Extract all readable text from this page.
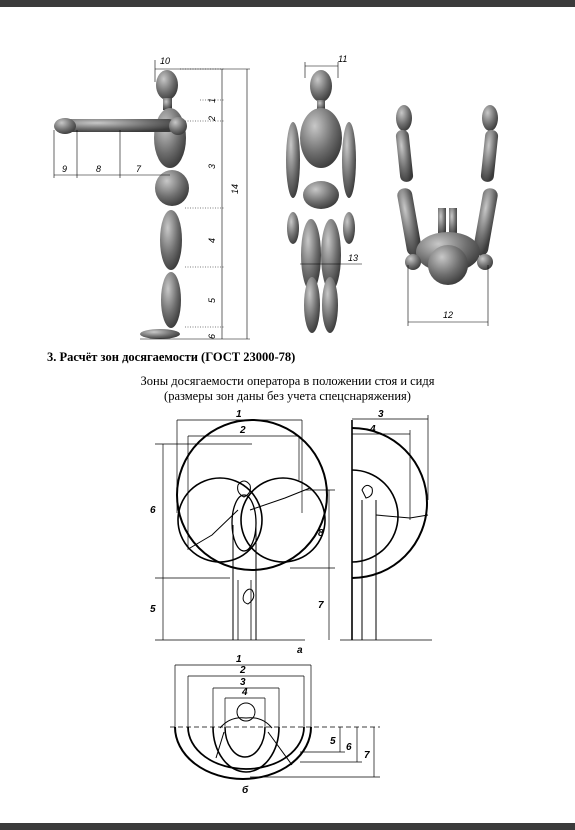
10
1
2
3
14
4
5
6
9	8	7
11
13
12
1
2
6
5
8
7
3
4
а
1
2
3
4
5
6
7
б
3. Расчёт зон досягаемости (ГОСТ 23000-78)
Зоны досягаемости оператора в положении стоя и сидя
(размеры зон даны без учета спецснаряжения)
